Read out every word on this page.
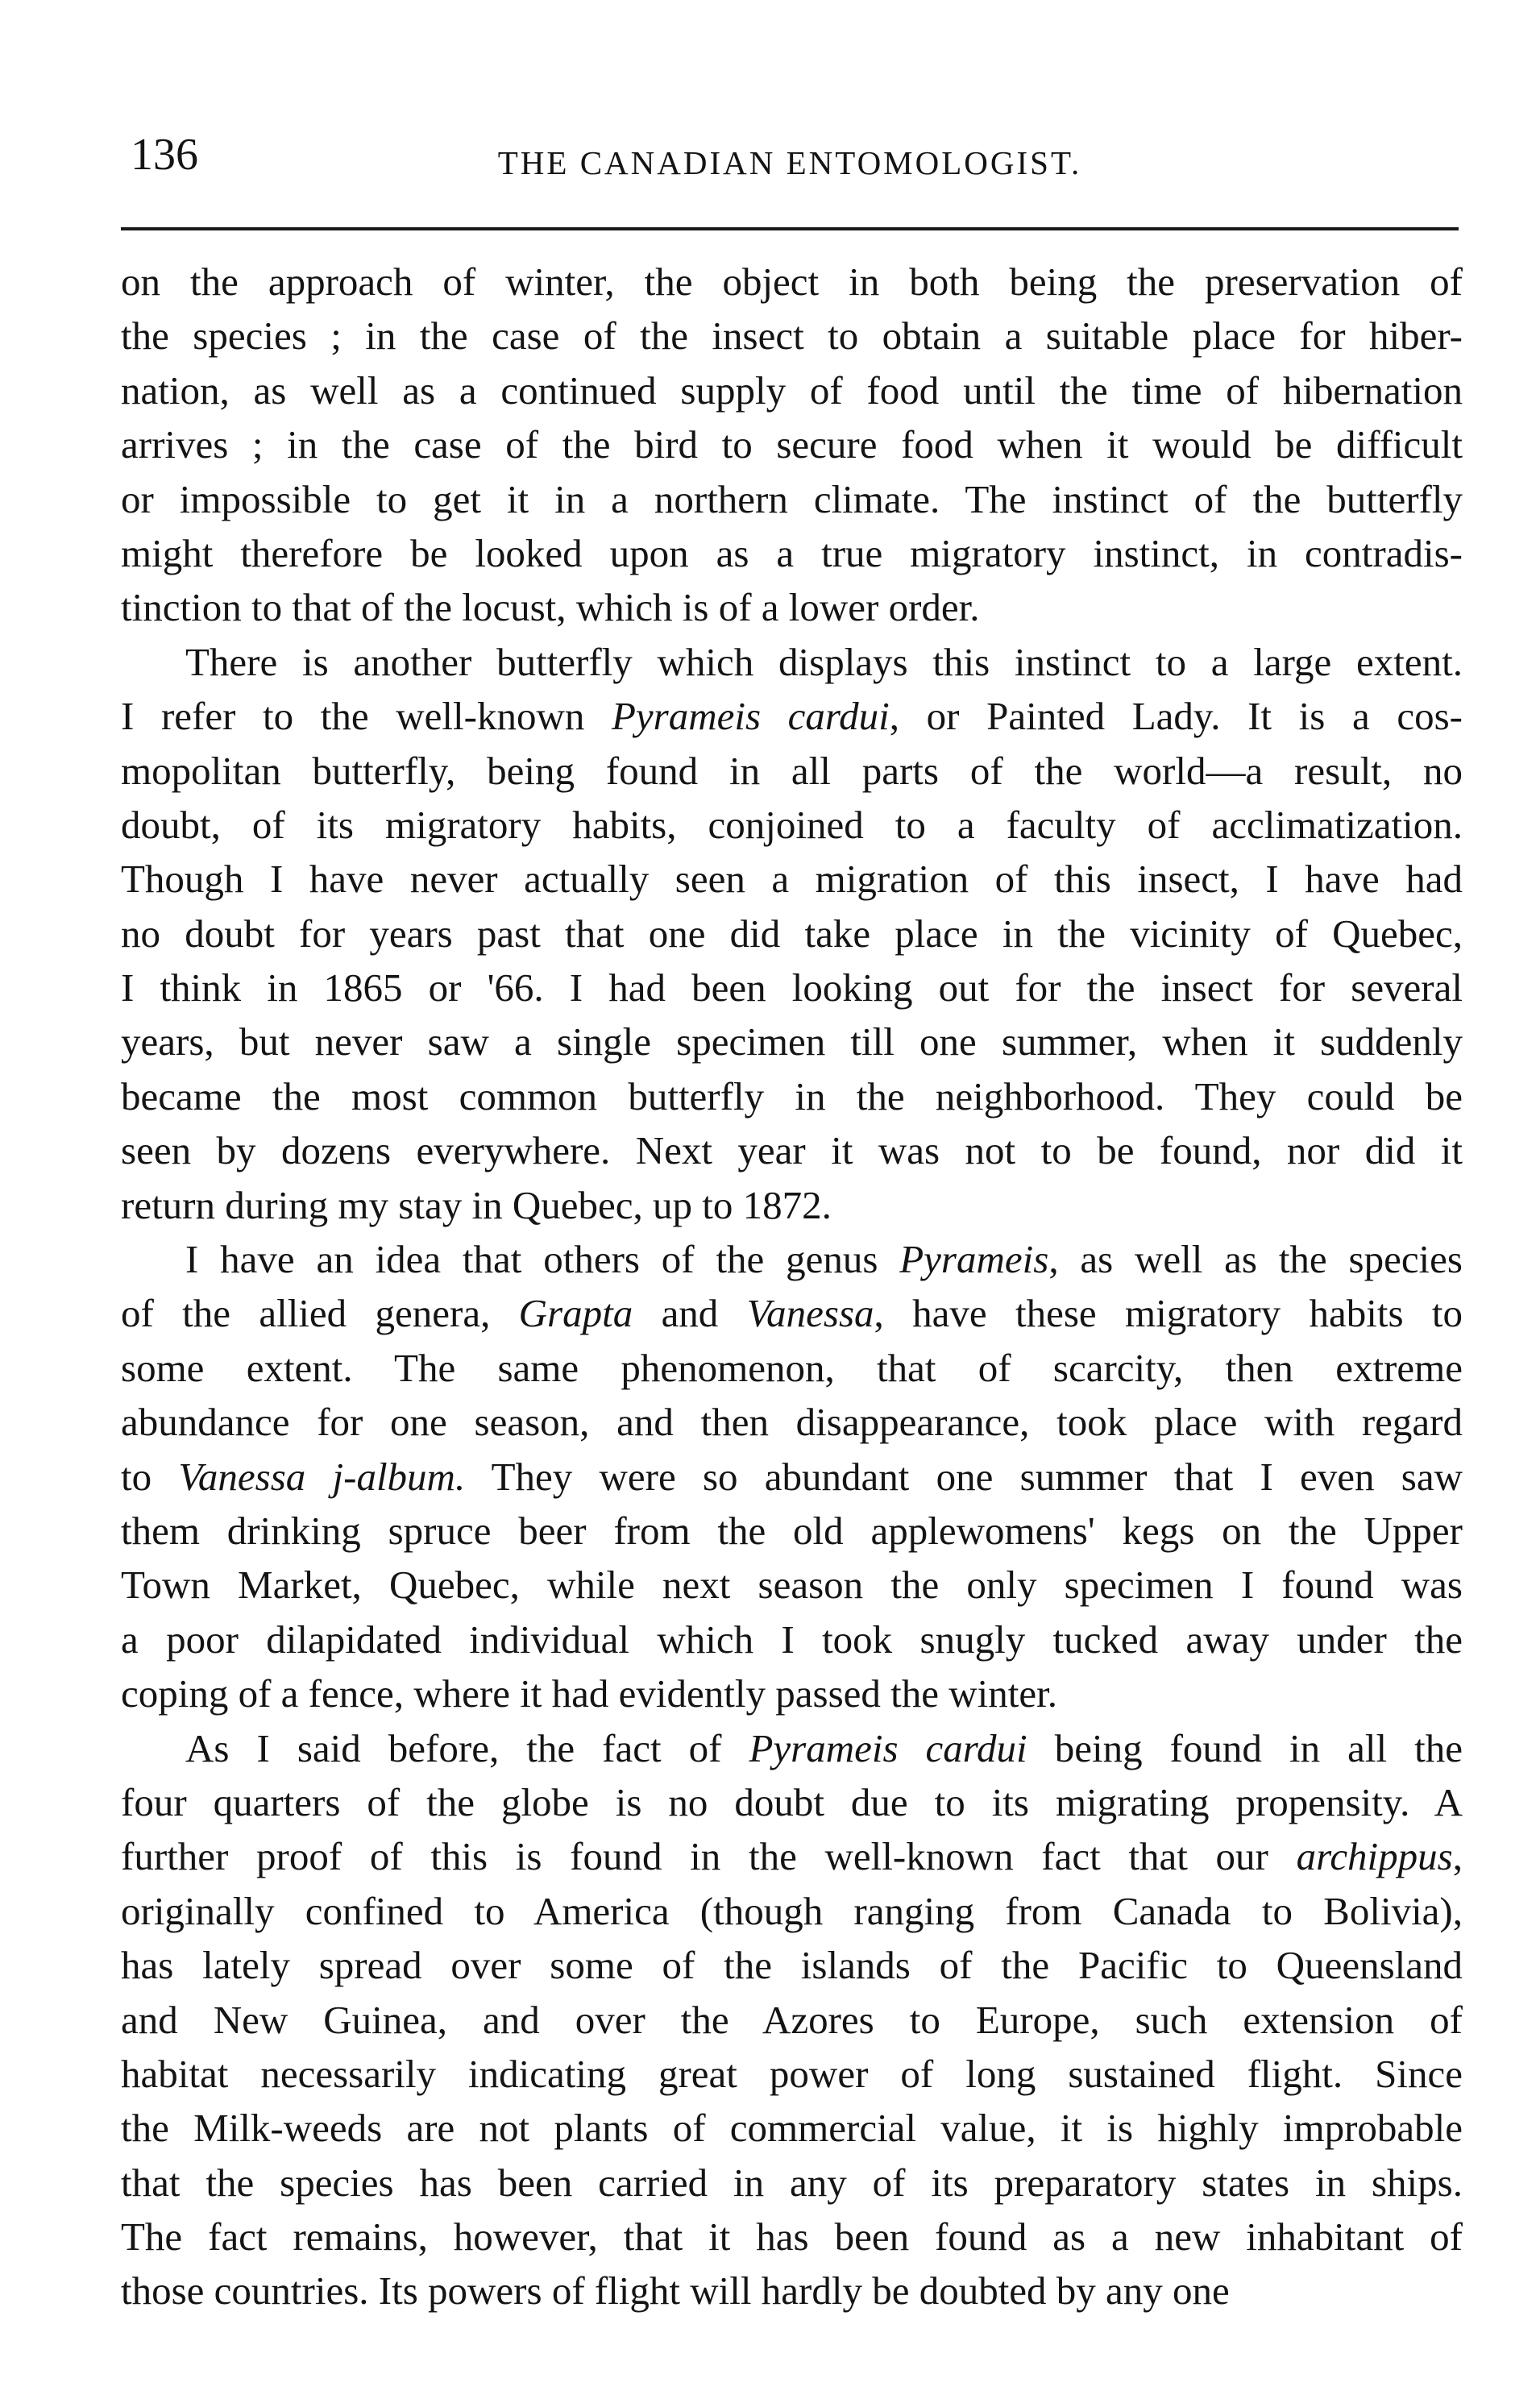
136	THE CANADIAN ENTOMOLOGIST.
on the approach of winter, the object in both being the preservation of
the species ; in the case of the insect to obtain a suitable place for hiber-
nation, as well as a continued supply of food until the time of hibernation
arrives ; in the case of the bird to secure food when it would be difficult
or impossible to get it in a northern climate. The instinct of the butterfly
might therefore be looked upon as a true migratory instinct, in contradis-
tinction to that of the locust, which is of a lower order.
There is another butterfly which displays this instinct to a large extent.
I refer to the well-known Pyrameis cardui, or Painted Lady. It is a cos-
mopolitan butterfly, being found in all parts of the world—a result, no
doubt, of its migratory habits, conjoined to a faculty of acclimatization.
Though I have never actually seen a migration of this insect, I have had
no doubt for years past that one did take place in the vicinity of Quebec,
I think in 1865 or '66. I had been looking out for the insect for several
years, but never saw a single specimen till one summer, when it suddenly
became the most common butterfly in the neighborhood. They could be
seen by dozens everywhere. Next year it was not to be found, nor did it
return during my stay in Quebec, up to 1872.
I have an idea that others of the genus Pyrameis, as well as the species
of the allied genera, Grapta and Vanessa, have these migratory habits to
some extent. The same phenomenon, that of scarcity, then extreme
abundance for one season, and then disappearance, took place with regard
to Vanessa j-album. They were so abundant one summer that I even saw
them drinking spruce beer from the old applewomens' kegs on the Upper
Town Market, Quebec, while next season the only specimen I found was
a poor dilapidated individual which I took snugly tucked away under the
coping of a fence, where it had evidently passed the winter.
As I said before, the fact of Pyrameis cardui being found in all the
four quarters of the globe is no doubt due to its migrating propensity. A
further proof of this is found in the well-known fact that our archippus,
originally confined to America (though ranging from Canada to Bolivia),
has lately spread over some of the islands of the Pacific to Queensland
and New Guinea, and over the Azores to Europe, such extension of
habitat necessarily indicating great power of long sustained flight. Since
the Milk-weeds are not plants of commercial value, it is highly improbable
that the species has been carried in any of its preparatory states in ships.
The fact remains, however, that it has been found as a new inhabitant of
those countries. Its powers of flight will hardly be doubted by any one
